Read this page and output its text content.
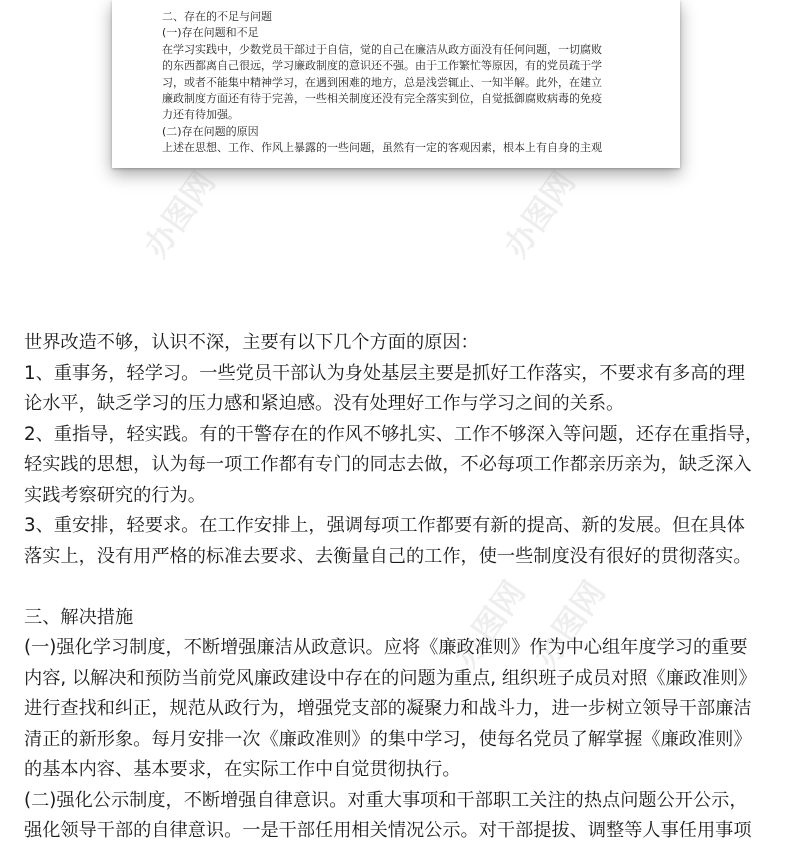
二、存在的不足与问题
(一)存在问题和不足
在学习实践中，少数党员干部过于自信，觉的自己在廉洁从政方面没有任何问题，一切腐败
的东西都离自己很远，学习廉政制度的意识还不强。由于工作繁忙等原因，有的党员疏于学
习，或者不能集中精神学习，在遇到困难的地方，总是浅尝辄止、一知半解。此外，在建立
廉政制度方面还有待于完善，一些相关制度还没有完全落实到位，自觉抵御腐败病毒的免疫
力还有待加强。
(二)存在问题的原因
上述在思想、工作、作风上暴露的一些问题，虽然有一定的客观因素，根本上有自身的主观
办图网	办图网
办图网
办图网
世界改造不够，认识不深，主要有以下几个方面的原因：
1、重事务，轻学习。一些党员干部认为身处基层主要是抓好工作落实，不要求有多高的理
论水平，缺乏学习的压力感和紧迫感。没有处理好工作与学习之间的关系。
2、重指导，轻实践。有的干警存在的作风不够扎实、工作不够深入等问题，还存在重指导，
轻实践的思想，认为每一项工作都有专门的同志去做，不必每项工作都亲历亲为，缺乏深入
实践考察研究的行为。
3、重安排，轻要求。在工作安排上，强调每项工作都要有新的提高、新的发展。但在具体
落实上，没有用严格的标准去要求、去衡量自己的工作，使一些制度没有很好的贯彻落实。
三、解决措施
(一)强化学习制度，不断增强廉洁从政意识。应将《廉政准则》作为中心组年度学习的重要
内容, 以解决和预防当前党风廉政建设中存在的问题为重点, 组织班子成员对照《廉政准则》
进行查找和纠正，规范从政行为，增强党支部的凝聚力和战斗力，进一步树立领导干部廉洁
清正的新形象。每月安排一次《廉政准则》的集中学习，使每名党员了解掌握《廉政准则》
的基本内容、基本要求，在实际工作中自觉贯彻执行。
(二)强化公示制度，不断增强自律意识。对重大事项和干部职工关注的热点问题公开公示，
强化领导干部的自律意识。一是干部任用相关情况公示。对干部提拔、调整等人事任用事项
